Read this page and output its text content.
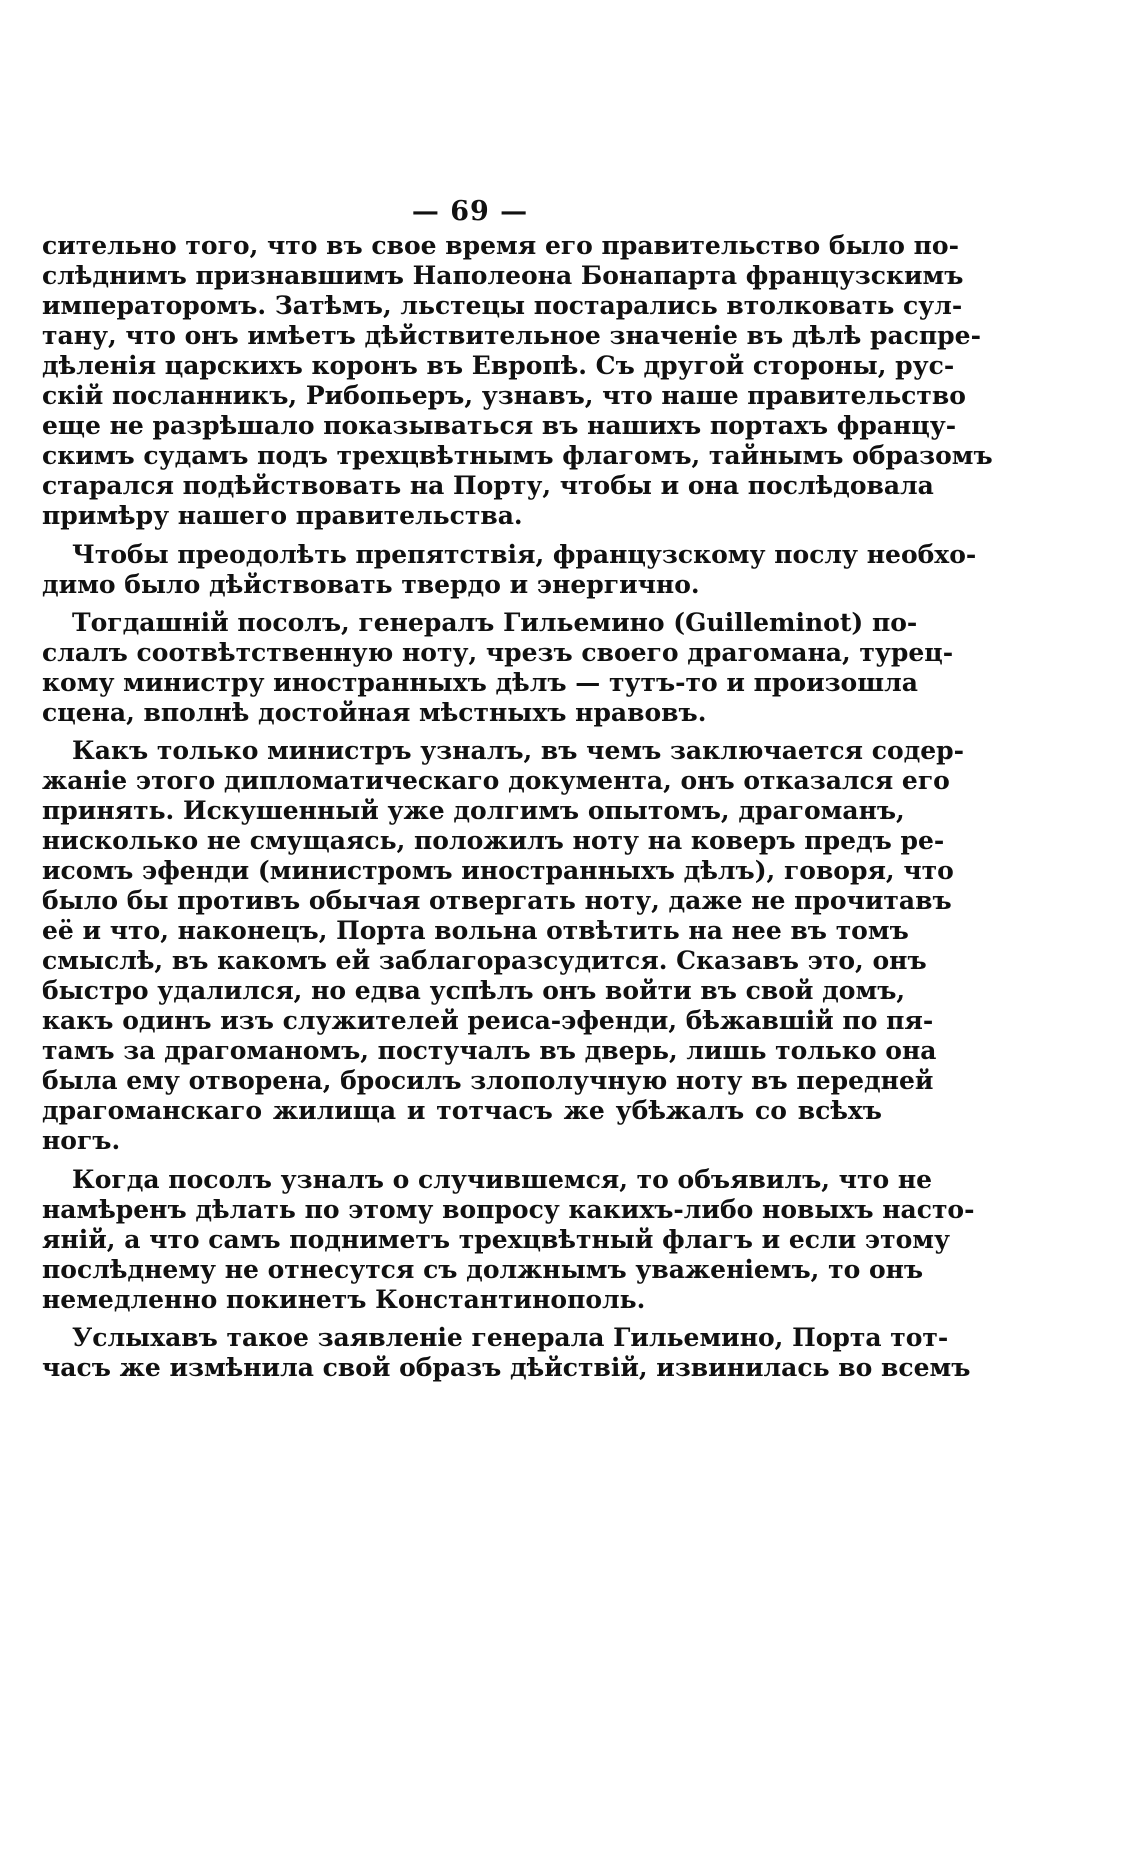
— 69 —

сительно того, что въ свое время его правительство было по-

слѣднимъ признавшимъ Наполеона Бонапарта французскимъ

императоромъ. Затѣмъ, льстецы постарались втолковать сул-

тану, что онъ имѣетъ дѣйствительное значеніе въ дѣлѣ распре-

дѣленія царскихъ коронъ въ Европѣ. Съ другой стороны, рус-

скій посланникъ, Рибопьеръ, узнавъ, что наше правительство

еще не разрѣшало показываться въ нашихъ портахъ францу-

скимъ судамъ подъ трехцвѣтнымъ флагомъ, тайнымъ образомъ

старался подѣйствовать на Порту, чтобы и она послѣдовала

примѣру нашего правительства.

Чтобы преодолѣть препятствія, французскому послу необхо-

димо было дѣйствовать твердо и энергично.

Тогдашній посолъ, генералъ Гильемино (Guilleminot) по-

слалъ соотвѣтственную ноту, чрезъ своего драгомана, турец-

кому министру иностранныхъ дѣлъ — тутъ-то и произошла

сцена, вполнѣ достойная мѣстныхъ нравовъ.

Какъ только министръ узналъ, въ чемъ заключается содер-

жаніе этого дипломатическаго документа, онъ отказался его

принять. Искушенный уже долгимъ опытомъ, драгоманъ,

нисколько не смущаясь, положилъ ноту на коверъ предъ ре-

исомъ эфенди (министромъ иностранныхъ дѣлъ), говоря, что

было бы противъ обычая отвергать ноту, даже не прочитавъ

её и что, наконецъ, Порта вольна отвѣтить на нее въ томъ

смыслѣ, въ какомъ ей заблагоразсудится. Сказавъ это, онъ

быстро удалился, но едва успѣлъ онъ войти въ свой домъ,

какъ одинъ изъ служителей реиса-эфенди, бѣжавшій по пя-

тамъ за драгоманомъ, постучалъ въ дверь, лишь только она

была ему отворена, бросилъ злополучную ноту въ передней

драгоманскаго жилища и тотчасъ же убѣжалъ со всѣхъ

ногъ.

Когда посолъ узналъ о случившемся, то объявилъ, что не

намѣренъ дѣлать по этому вопросу какихъ-либо новыхъ насто-

яній, а что самъ подниметъ трехцвѣтный флагъ и если этому

послѣднему не отнесутся съ должнымъ уваженіемъ, то онъ

немедленно покинетъ Константинополь.

Услыхавъ такое заявленіе генерала Гильемино, Порта тот-

часъ же измѣнила свой образъ дѣйствій, извинилась во всемъ
